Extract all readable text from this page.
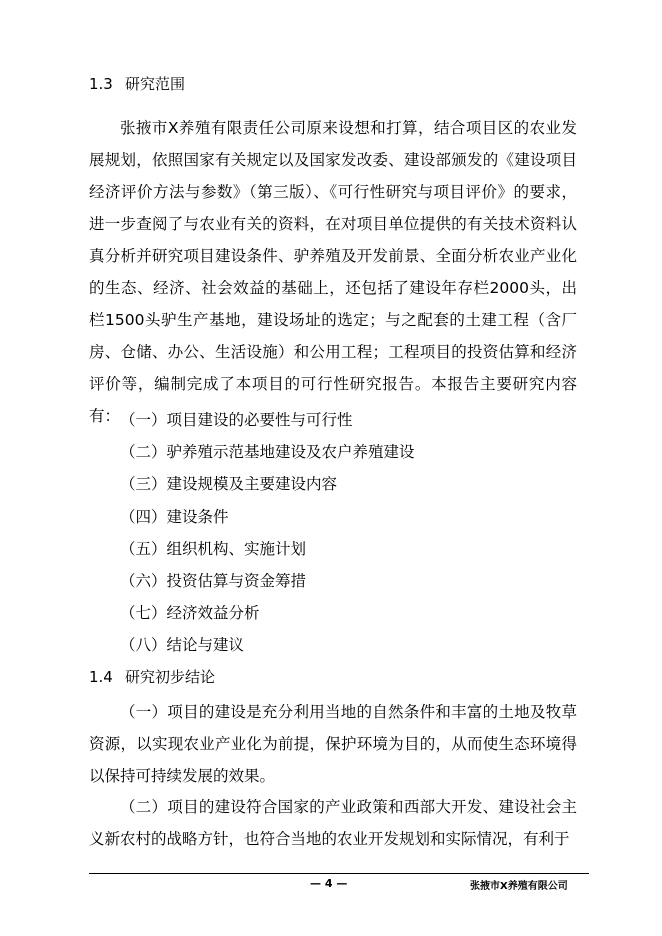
1.3 研究范围

张掖市X养殖有限责任公司原来设想和打算，结合项目区的农业发展规划，依照国家有关规定以及国家发改委、建设部颁发的《建设项目经济评价方法与参数》（第三版）、《可行性研究与项目评价》的要求，进一步查阅了与农业有关的资料，在对项目单位提供的有关技术资料认真分析并研究项目建设条件、驴养殖及开发前景、全面分析农业产业化的生态、经济、社会效益的基础上，还包括了建设年存栏2000头，出栏1500头驴生产基地，建设场址的选定；与之配套的土建工程（含厂房、仓储、办公、生活设施）和公用工程；工程项目的投资估算和经济评价等，编制完成了本项目的可行性研究报告。本报告主要研究内容有： （一）项目建设的必要性与可行性
（二）驴养殖示范基地建设及农户养殖建设
（三）建设规模及主要建设内容
（四）建设条件
（五）组织机构、实施计划
（六）投资估算与资金筹措
（七）经济效益分析
（八）结论与建议
1.4 研究初步结论

（一）项目的建设是充分利用当地的自然条件和丰富的土地及牧草资源，以实现农业产业化为前提，保护环境为目的，从而使生态环境得以保持可持续发展的效果。

（二）项目的建设符合国家的产业政策和西部大开发、建设社会主义新农村的战略方针，也符合当地的农业开发规划和实际情况，有利于

— 4 —	张掖市X养殖有限公司
